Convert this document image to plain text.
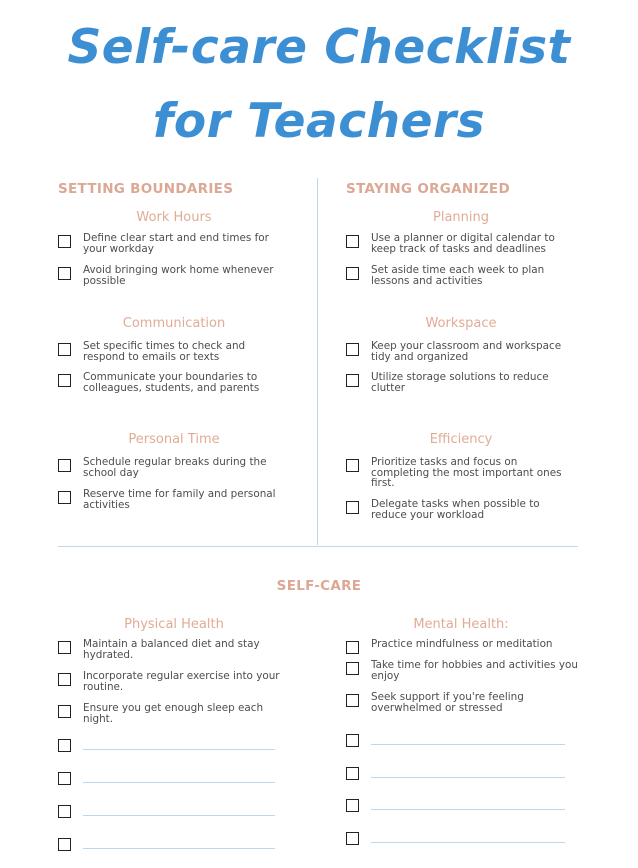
Self-care Checklist
for Teachers
SETTING BOUNDARIES
Work Hours
Define clear start and end times for your workday
Avoid bringing work home whenever possible
Communication
Set specific times to check and respond to emails or texts
Communicate your boundaries to colleagues, students, and parents
Personal Time
Schedule regular breaks during the school day
Reserve time for family and personal activities
STAYING ORGANIZED
Planning
Use a planner or digital calendar to keep track of tasks and deadlines
Set aside time each week to plan lessons and activities
Workspace
Keep your classroom and workspace tidy and organized
Utilize storage solutions to reduce clutter
Efficiency
Prioritize tasks and focus on completing the most important ones first.
Delegate tasks when possible to reduce your workload
SELF-CARE
Physical Health
Maintain a balanced diet and stay hydrated.
Incorporate regular exercise into your routine.
Ensure you get enough sleep each night.
Mental Health:
Practice mindfulness or meditation
Take time for hobbies and activities you enjoy
Seek support if you're feeling overwhelmed or stressed
